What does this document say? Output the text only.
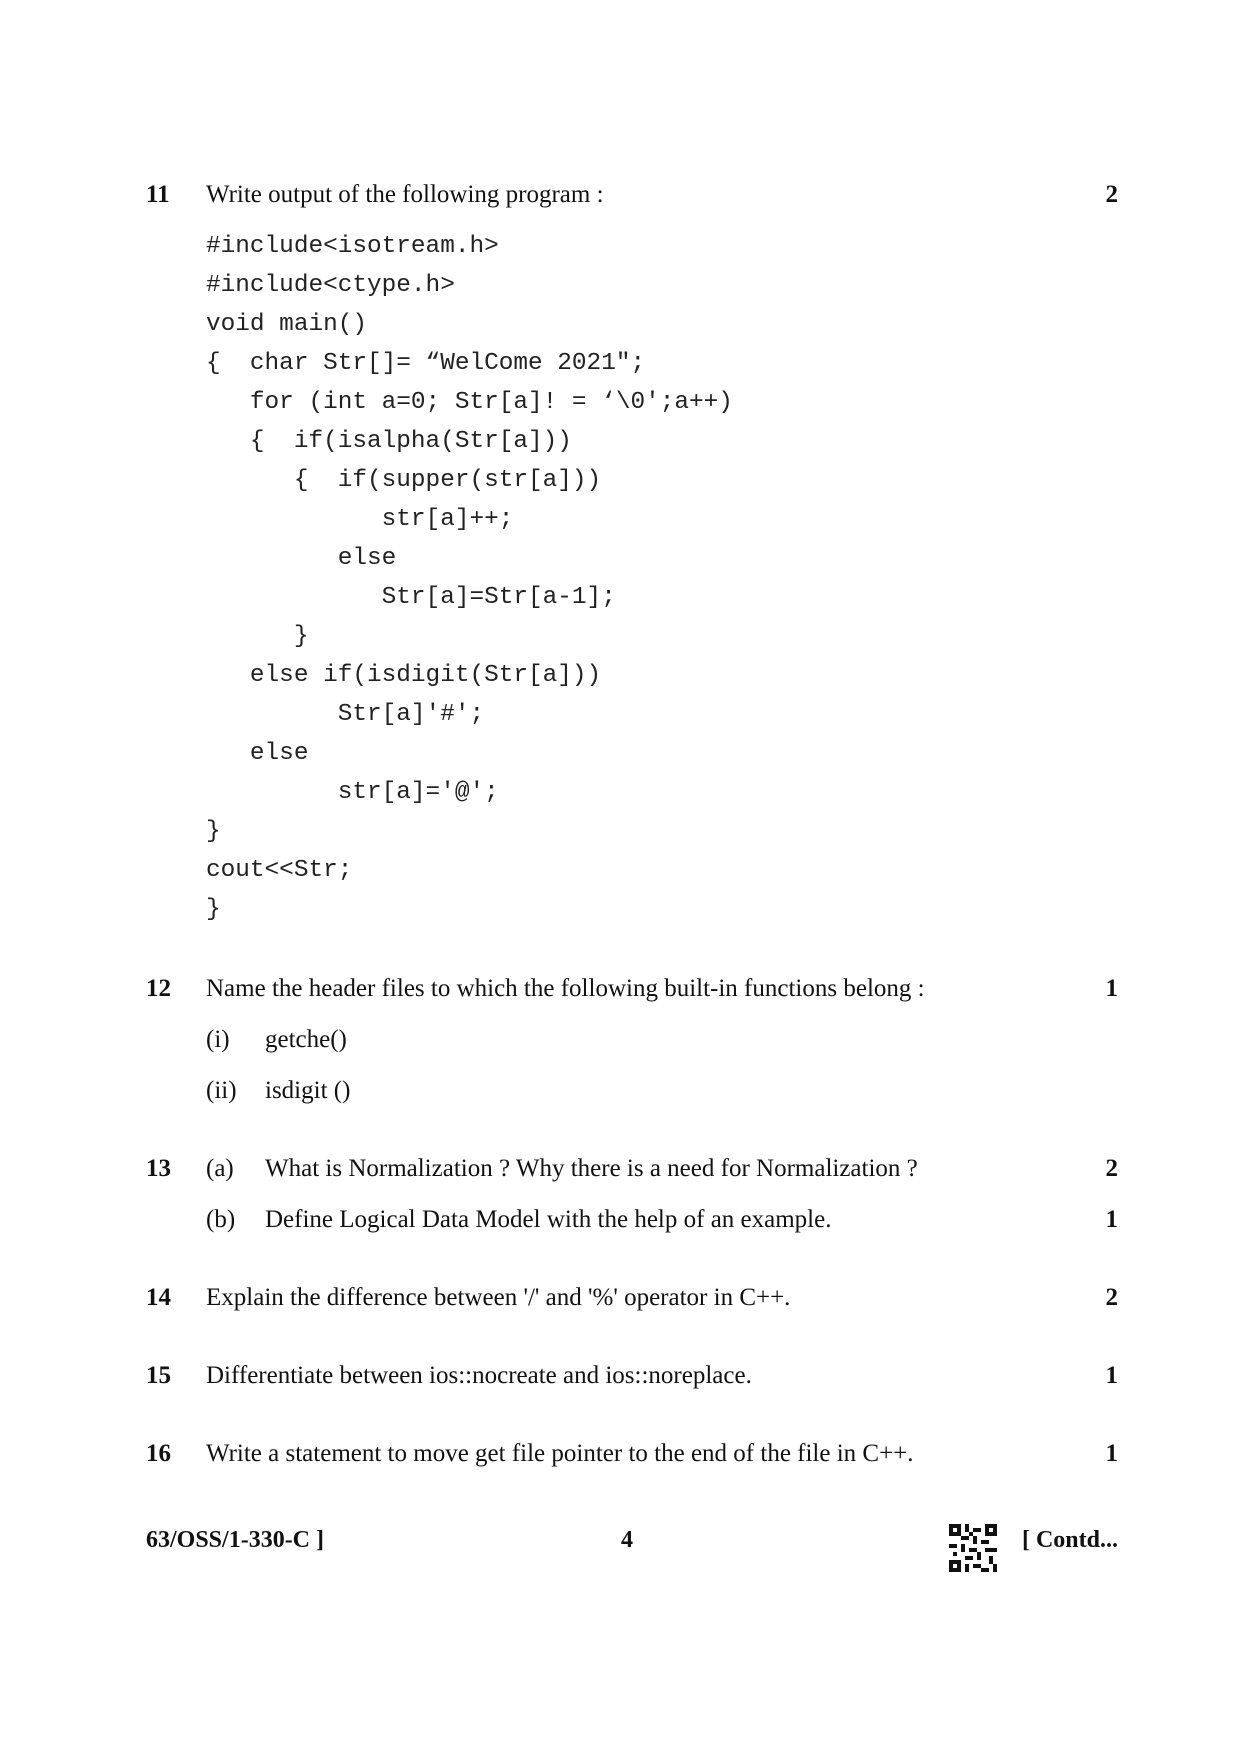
11 Write output of the following program :	2
#include<isotream.h>
#include<ctype.h>
void main()
{  char Str[]= “WelCome 2021";
for (int a=0; Str[a]! = ‘\0';a++)
{  if(isalpha(Str[a]))
{  if(supper(str[a]))
str[a]++;
else
Str[a]=Str[a-1];
}
else if(isdigit(Str[a]))
Str[a]'#';
else
str[a]='@';
}
cout<<Str;
}
12 Name the header files to which the following built-in functions belong :	1
(i) getche()
(ii) isdigit ()
13 (a) What is Normalization ? Why there is a need for Normalization ?	2
(b) Define Logical Data Model with the help of an example.	1
14 Explain the difference between '/' and '%' operator in C++.	2
15 Differentiate between ios::nocreate and ios::noreplace.	1
16 Write a statement to move get file pointer to the end of the file in C++.	1
63/OSS/1-330-C ]	4	[ Contd...
